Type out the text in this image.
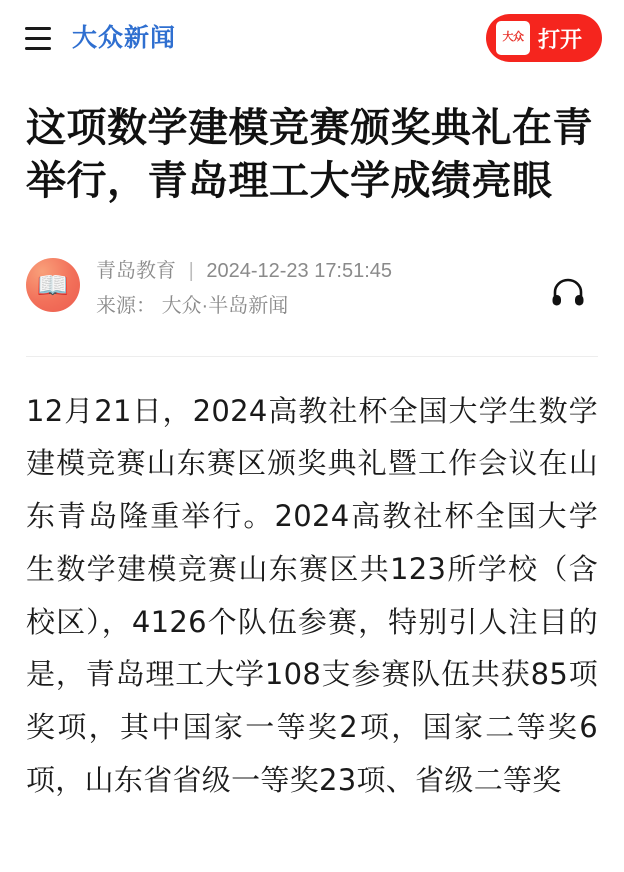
大众新闻	大众 打开
这项数学建模竞赛颁奖典礼在青举行，青岛理工大学成绩亮眼
📖 青岛教育 | 2024-12-23 17:51:45
来源： 大众·半岛新闻

12月21日，2024高教社杯全国大学生数学建模竞赛山东赛区颁奖典礼暨工作会议在山东青岛隆重举行。2024高教社杯全国大学生数学建模竞赛山东赛区共123所学校（含校区），4126个队伍参赛，特别引人注目的是，青岛理工大学108支参赛队伍共获85项奖项，其中国家一等奖2项，国家二等奖6项，山东省省级一等奖23项、省级二等奖
